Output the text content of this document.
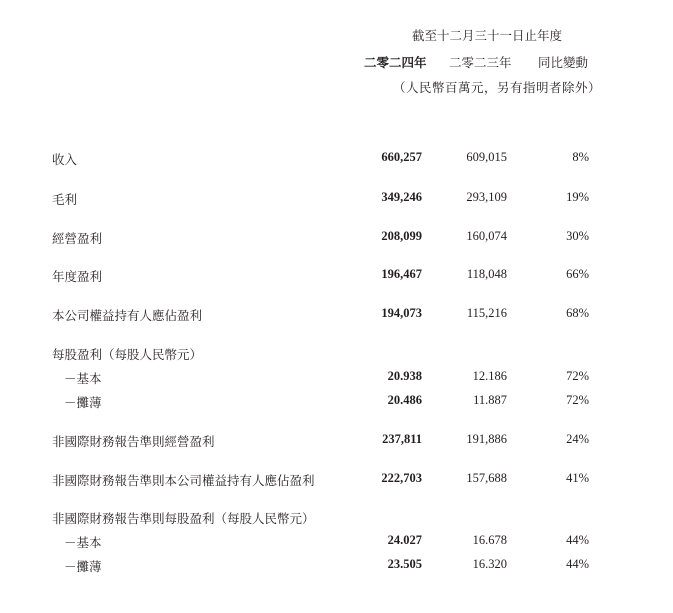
截至十二月三十一日止年度
二零二四年 二零二三年 同比變動
（人民幣百萬元，另有指明者除外）
收入	660,257	609,015	8%
毛利	349,246	293,109	19%
經營盈利	208,099	160,074	30%
年度盈利	196,467	118,048	66%
本公司權益持有人應佔盈利	194,073	115,216	68%
每股盈利（每股人民幣元）
－基本	20.938	12.186	72%
－攤薄	20.486	11.887	72%
非國際財務報告準則經營盈利	237,811	191,886	24%
非國際財務報告準則本公司權益持有人應佔盈利	222,703	157,688	41%
非國際財務報告準則每股盈利（每股人民幣元）
－基本	24.027	16.678	44%
－攤薄	23.505	16.320	44%
